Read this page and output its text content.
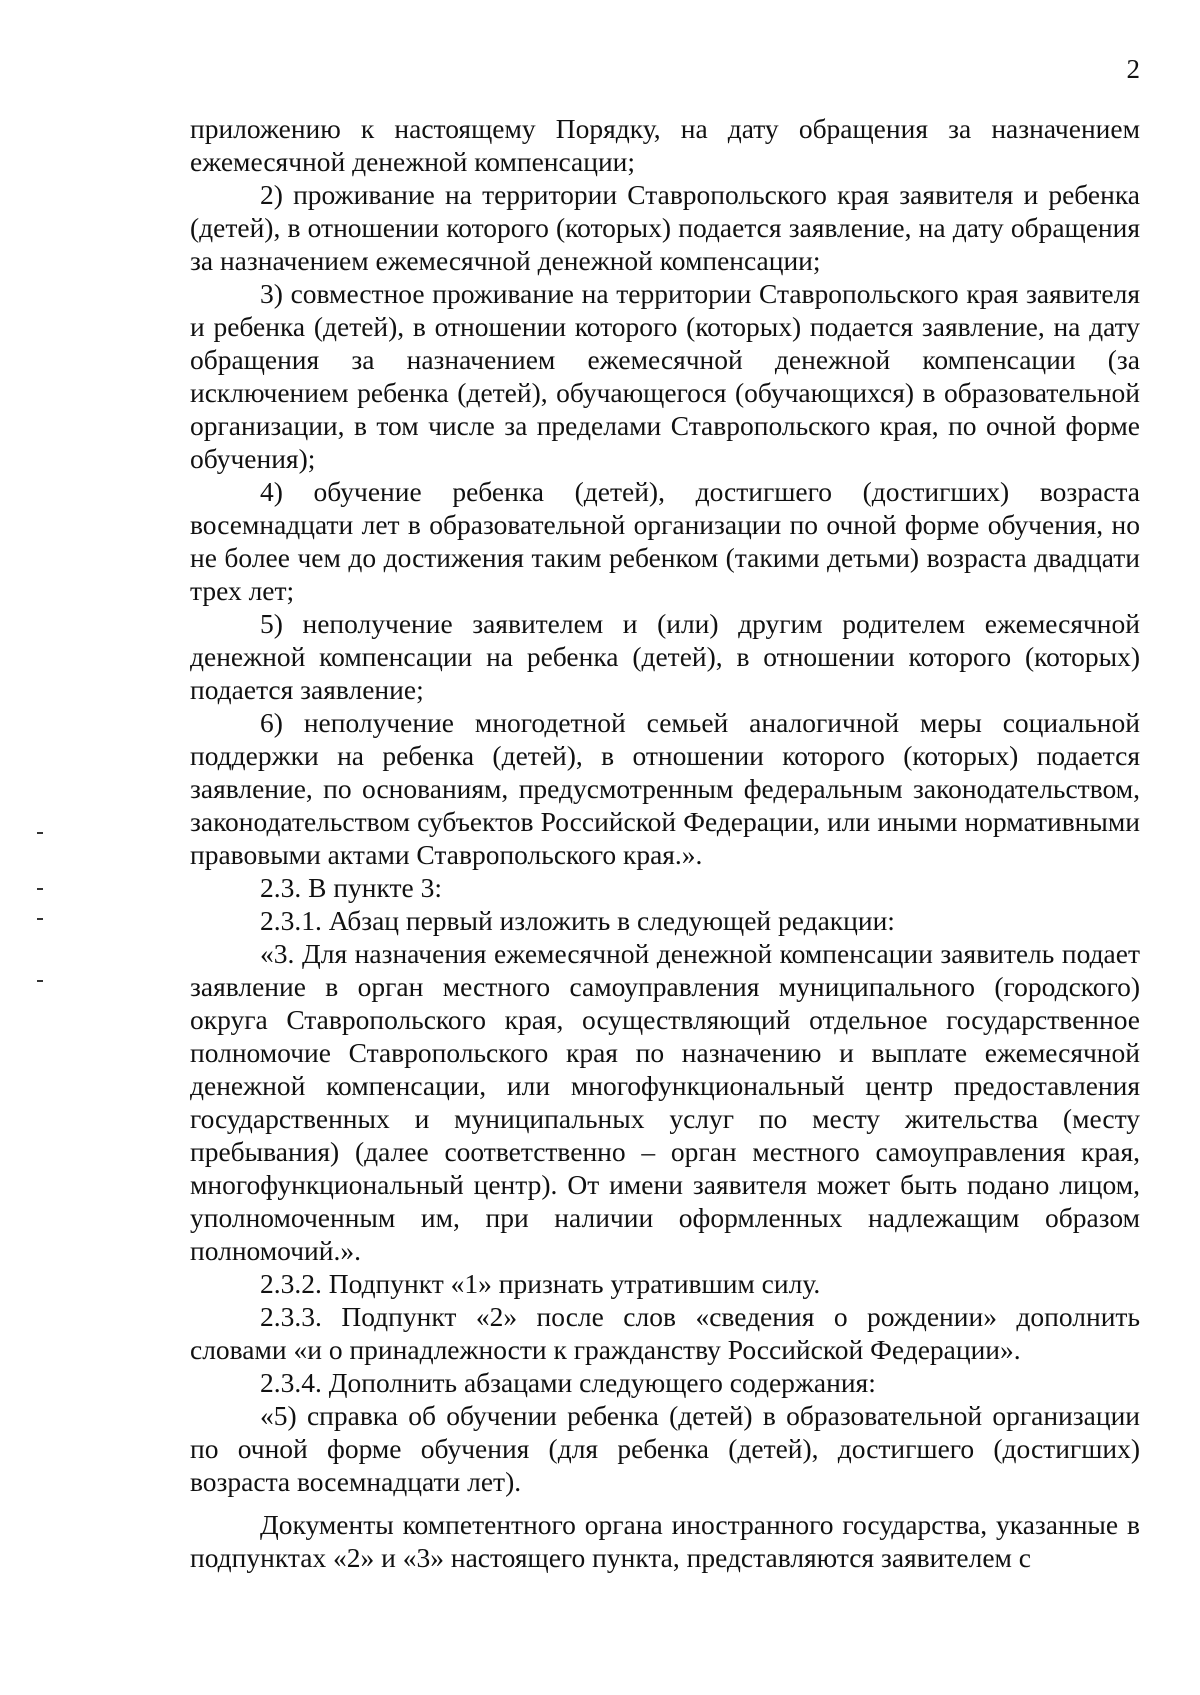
2

приложению к настоящему Порядку, на дату обращения за назначением ежемесячной денежной компенсации;

2) проживание на территории Ставропольского края заявителя и ребенка (детей), в отношении которого (которых) подается заявление, на дату обращения за назначением ежемесячной денежной компенсации;

3) совместное проживание на территории Ставропольского края заявителя и ребенка (детей), в отношении которого (которых) подается заявление, на дату обращения за назначением ежемесячной денежной компенсации (за исключением ребенка (детей), обучающегося (обучающихся) в образовательной организации, в том числе за пределами Ставропольского края, по очной форме обучения);

4) обучение ребенка (детей), достигшего (достигших) возраста восемнадцати лет в образовательной организации по очной форме обучения, но не более чем до достижения таким ребенком (такими детьми) возраста двадцати трех лет;

5) неполучение заявителем и (или) другим родителем ежемесячной денежной компенсации на ребенка (детей), в отношении которого (которых) подается заявление;

6) неполучение многодетной семьей аналогичной меры социальной поддержки на ребенка (детей), в отношении которого (которых) подается заявление, по основаниям, предусмотренным федеральным законодательством, законодательством субъектов Российской Федерации, или иными нормативными правовыми актами Ставропольского края.».

2.3. В пункте 3:

2.3.1. Абзац первый изложить в следующей редакции:

«3. Для назначения ежемесячной денежной компенсации заявитель подает заявление в орган местного самоуправления муниципального (городского) округа Ставропольского края, осуществляющий отдельное государственное полномочие Ставропольского края по назначению и выплате ежемесячной денежной компенсации, или многофункциональный центр предоставления государственных и муниципальных услуг по месту жительства (месту пребывания) (далее соответственно – орган местного самоуправления края, многофункциональный центр). От имени заявителя может быть подано лицом, уполномоченным им, при наличии оформленных надлежащим образом полномочий.».

2.3.2. Подпункт «1» признать утратившим силу.

2.3.3. Подпункт «2» после слов «сведения о рождении» дополнить словами «и о принадлежности к гражданству Российской Федерации».

2.3.4. Дополнить абзацами следующего содержания:

«5) справка об обучении ребенка (детей) в образовательной организации по очной форме обучения (для ребенка (детей), достигшего (достигших) возраста восемнадцати лет).

Документы компетентного органа иностранного государства, указанные в подпунктах «2» и «3» настоящего пункта, представляются заявителем с
